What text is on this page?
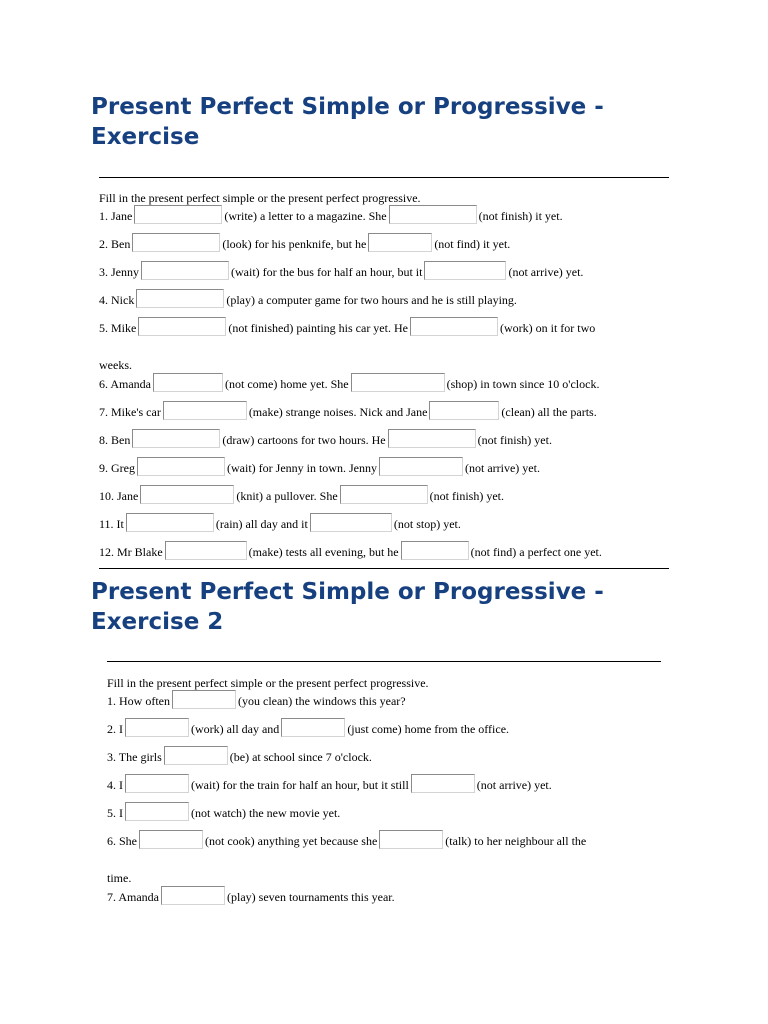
Present Perfect Simple or Progressive -
Exercise
Fill in the present perfect simple or the present perfect progressive.
1. Jane	(write) a letter to a magazine. She	(not finish) it yet.
2. Ben	(look) for his penknife, but he	(not find) it yet.
3. Jenny	(wait) for the bus for half an hour, but it	(not arrive) yet.
4. Nick	(play) a computer game for two hours and he is still playing.
5. Mike	(not finished) painting his car yet. He	(work) on it for two
weeks.
6. Amanda	(not come) home yet. She	(shop) in town since 10 o'clock.
7. Mike's car	(make) strange noises. Nick and Jane	(clean) all the parts.
8. Ben	(draw) cartoons for two hours. He	(not finish) yet.
9. Greg	(wait) for Jenny in town. Jenny	(not arrive) yet.
10. Jane	(knit) a pullover. She	(not finish) yet.
11. It	(rain) all day and it	(not stop) yet.
12. Mr Blake	(make) tests all evening, but he	(not find) a perfect one yet.
Present Perfect Simple or Progressive -
Exercise 2
Fill in the present perfect simple or the present perfect progressive.
1. How often	(you clean) the windows this year?
2. I	(work) all day and	(just come) home from the office.
3. The girls	(be) at school since 7 o'clock.
4. I	(wait) for the train for half an hour, but it still	(not arrive) yet.
5. I	(not watch) the new movie yet.
6. She	(not cook) anything yet because she	(talk) to her neighbour all the
time.
7. Amanda	(play) seven tournaments this year.
